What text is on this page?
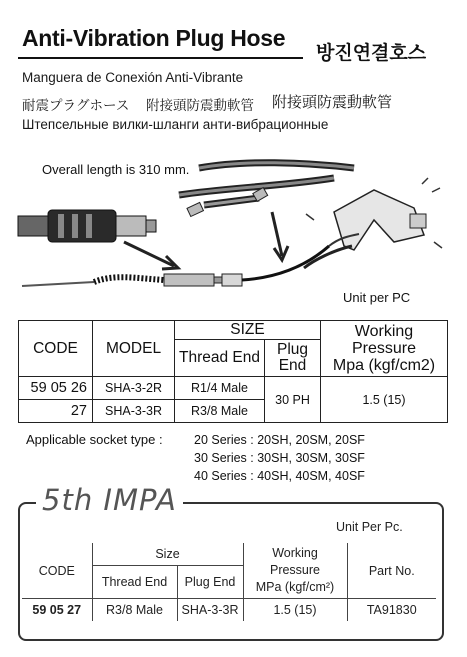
Anti-Vibration Plug Hose
방진연결호스
Manguera de Conexión Anti-Vibrante
耐震プラグホース 附接頭防震動軟管 附接頭防震動軟管
Штепсельные вилки-шланги анти-вибрационные
Overall length is 310 mm.
Unit per PC
CODE	MODEL	SIZE		Working
Pressure
Mpa (kgf/cm2)
		Thread End	Plug
End	
59 05 26	SHA-3-2R	R1/4 Male	30 PH	1.5 (15)
27	SHA-3-3R	R3/8 Male		
Applicable socket type :	20 Series : 20SH, 20SM, 20SF
30 Series : 30SH, 30SM, 30SF
40 Series : 40SH, 40SM, 40SF
5th IMPA
Unit Per Pc.
CODE	Size		Working
Pressure
MPa (kgf/cm²)	Part No.
	Thread End	Plug End		
59 05 27	R3/8 Male	SHA-3-3R	1.5 (15)	TA91830
